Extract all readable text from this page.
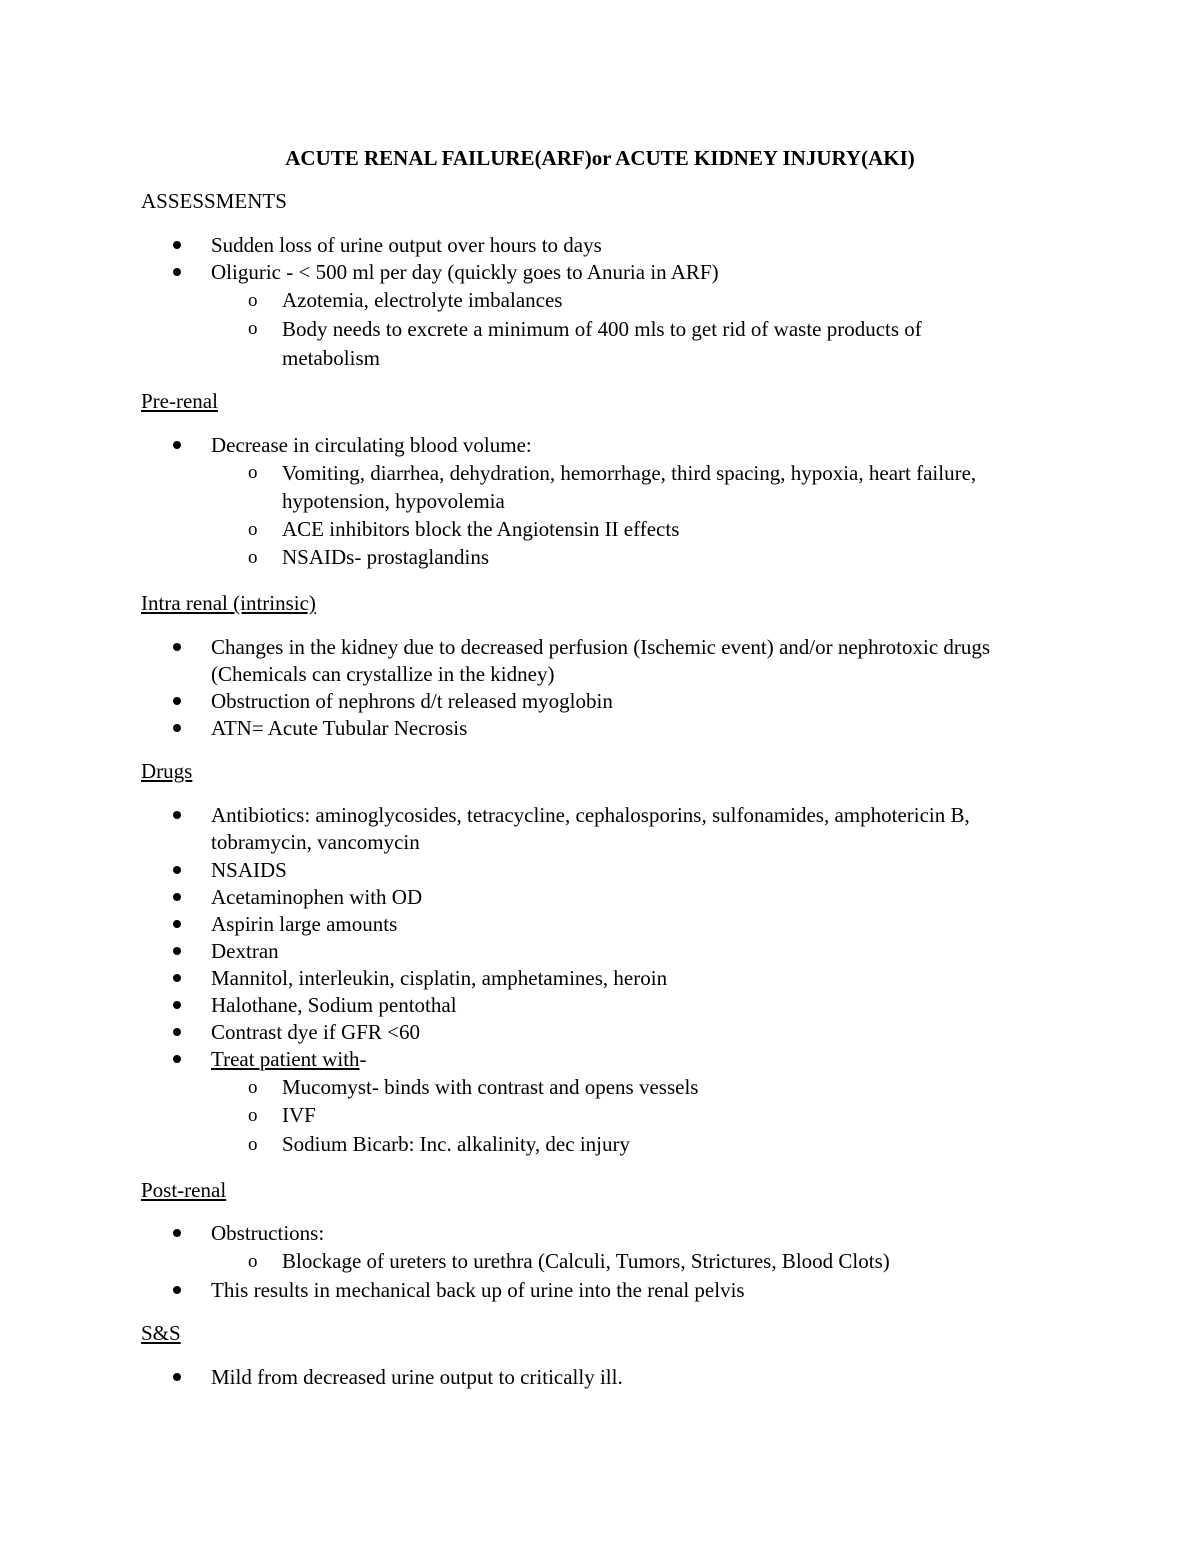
ACUTE RENAL FAILURE(ARF)or ACUTE KIDNEY INJURY(AKI)
ASSESSMENTS
Sudden loss of urine output over hours to days
Oliguric - < 500 ml per day (quickly goes to Anuria in ARF)
o Azotemia, electrolyte imbalances
o Body needs to excrete a minimum of 400 mls to get rid of waste products of metabolism
Pre-renal
Decrease in circulating blood volume:
o Vomiting, diarrhea, dehydration, hemorrhage, third spacing, hypoxia, heart failure, hypotension, hypovolemia
o ACE inhibitors block the Angiotensin II effects
o NSAIDs- prostaglandins
Intra renal (intrinsic)
Changes in the kidney due to decreased perfusion (Ischemic event) and/or nephrotoxic drugs (Chemicals can crystallize in the kidney)
Obstruction of nephrons d/t released myoglobin
ATN= Acute Tubular Necrosis
Drugs
Antibiotics: aminoglycosides, tetracycline, cephalosporins, sulfonamides, amphotericin B, tobramycin, vancomycin
NSAIDS
Acetaminophen with OD
Aspirin large amounts
Dextran
Mannitol, interleukin, cisplatin, amphetamines, heroin
Halothane, Sodium pentothal
Contrast dye if GFR <60
Treat patient with-
o Mucomyst- binds with contrast and opens vessels
o IVF
o Sodium Bicarb: Inc. alkalinity, dec injury
Post-renal
Obstructions:
o Blockage of ureters to urethra (Calculi, Tumors, Strictures, Blood Clots)
This results in mechanical back up of urine into the renal pelvis
S&S
Mild from decreased urine output to critically ill.
